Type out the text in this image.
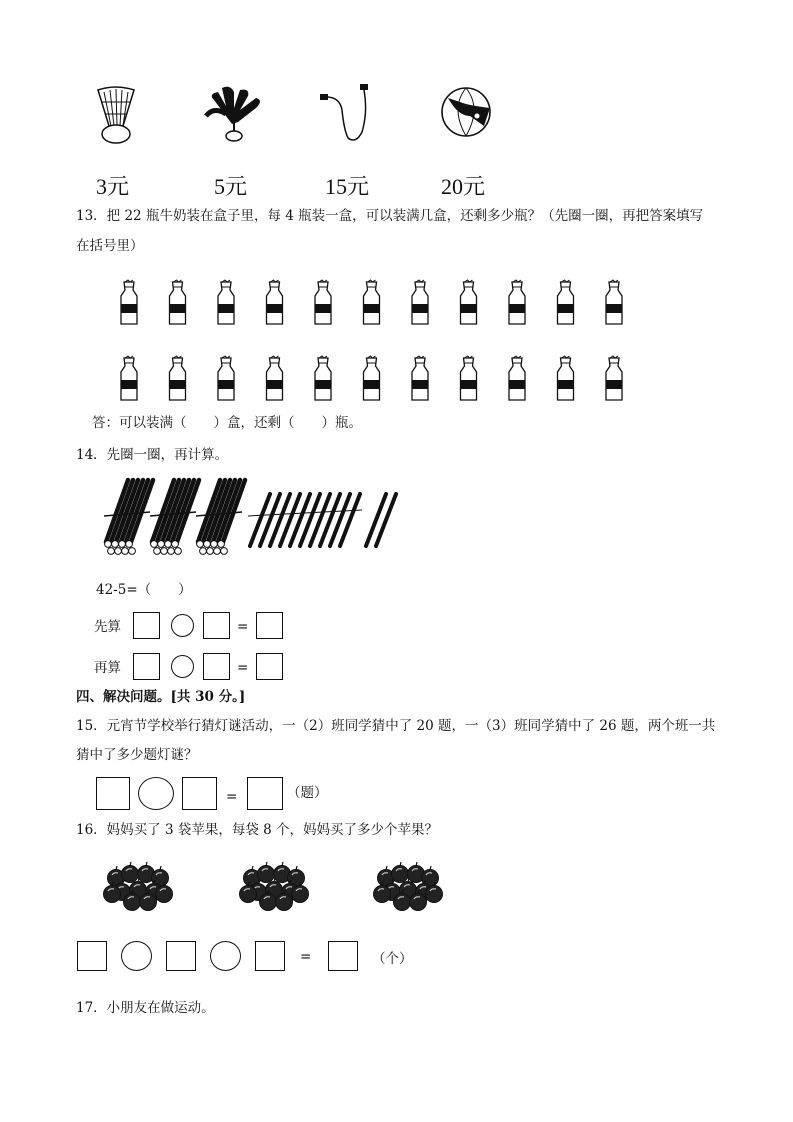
3元	5元	15元	20元
13．把 22 瓶牛奶装在盒子里，每 4 瓶装一盒，可以装满几盒，还剩多少瓶？（先圈一圈，再把答案填写
在括号里）
答：可以装满（　　）盒，还剩（　　）瓶。
14．先圈一圈，再计算。
42-5=（　　）
先算	=
再算	=
四、解决问题。[共 30 分。]
15．元宵节学校举行猜灯谜活动，一（2）班同学猜中了 20 题，一（3）班同学猜中了 26 题，两个班一共
猜中了多少题灯谜？
=	（题）
16．妈妈买了 3 袋苹果，每袋 8 个，妈妈买了多少个苹果？
=	（个）
17．小朋友在做运动。
